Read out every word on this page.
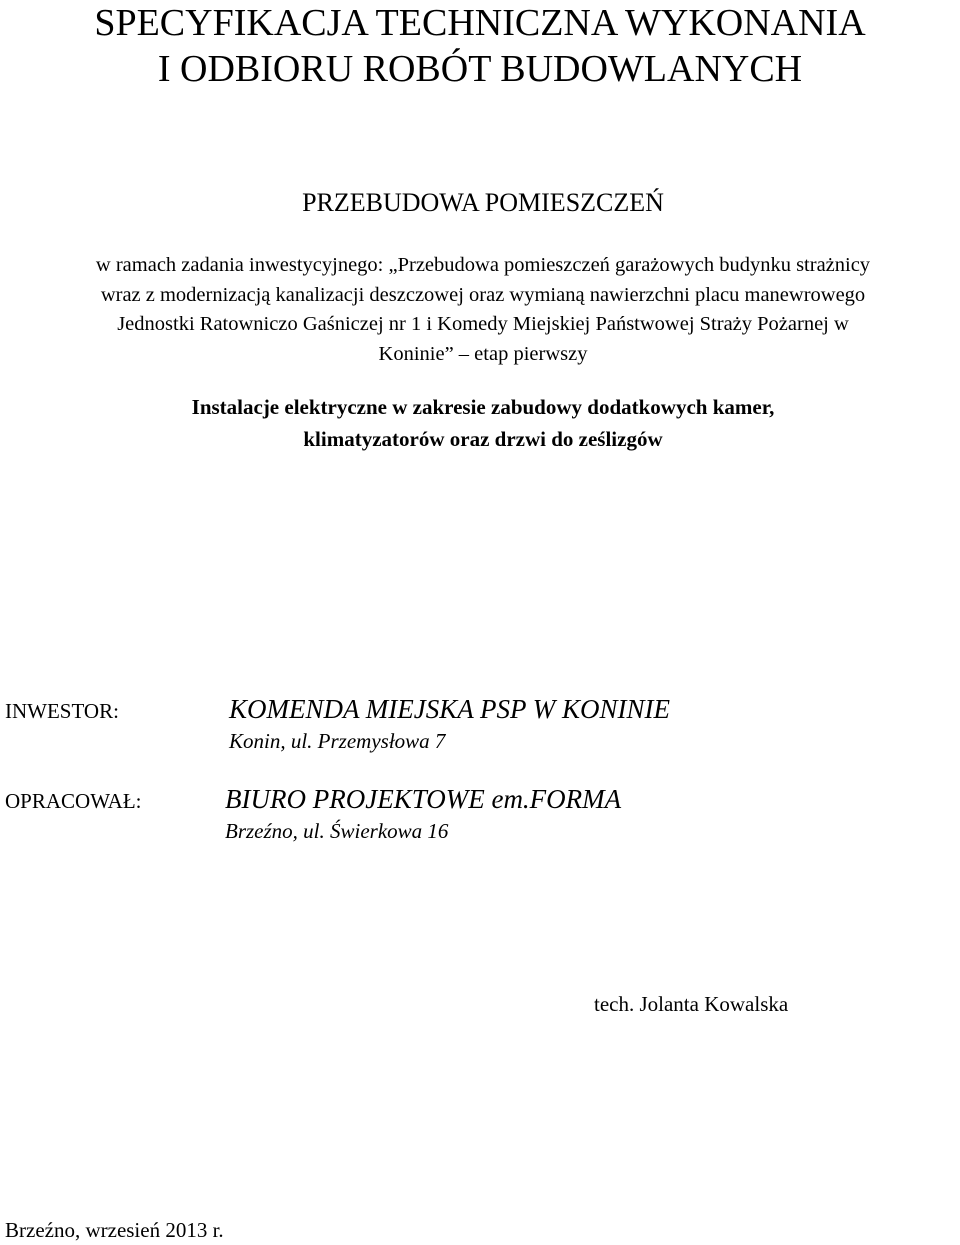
SPECYFIKACJA TECHNICZNA WYKONANIA
I ODBIORU ROBÓT BUDOWLANYCH
PRZEBUDOWA POMIESZCZEŃ
w ramach zadania inwestycyjnego: „Przebudowa pomieszczeń garażowych budynku strażnicy
wraz z modernizacją kanalizacji deszczowej oraz wymianą nawierzchni placu manewrowego
Jednostki Ratowniczo Gaśniczej nr 1 i Komedy Miejskiej Państwowej Straży Pożarnej w
Koninie” – etap pierwszy
Instalacje elektryczne w zakresie zabudowy dodatkowych kamer,
klimatyzatorów oraz drzwi do ześlizgów
INWESTOR:	KOMENDA MIEJSKA PSP W KONINIE
Konin, ul. Przemysłowa 7
OPRACOWAŁ:	BIURO PROJEKTOWE em.FORMA
Brzeźno, ul. Świerkowa 16
tech. Jolanta Kowalska
Brzeźno, wrzesień 2013 r.
